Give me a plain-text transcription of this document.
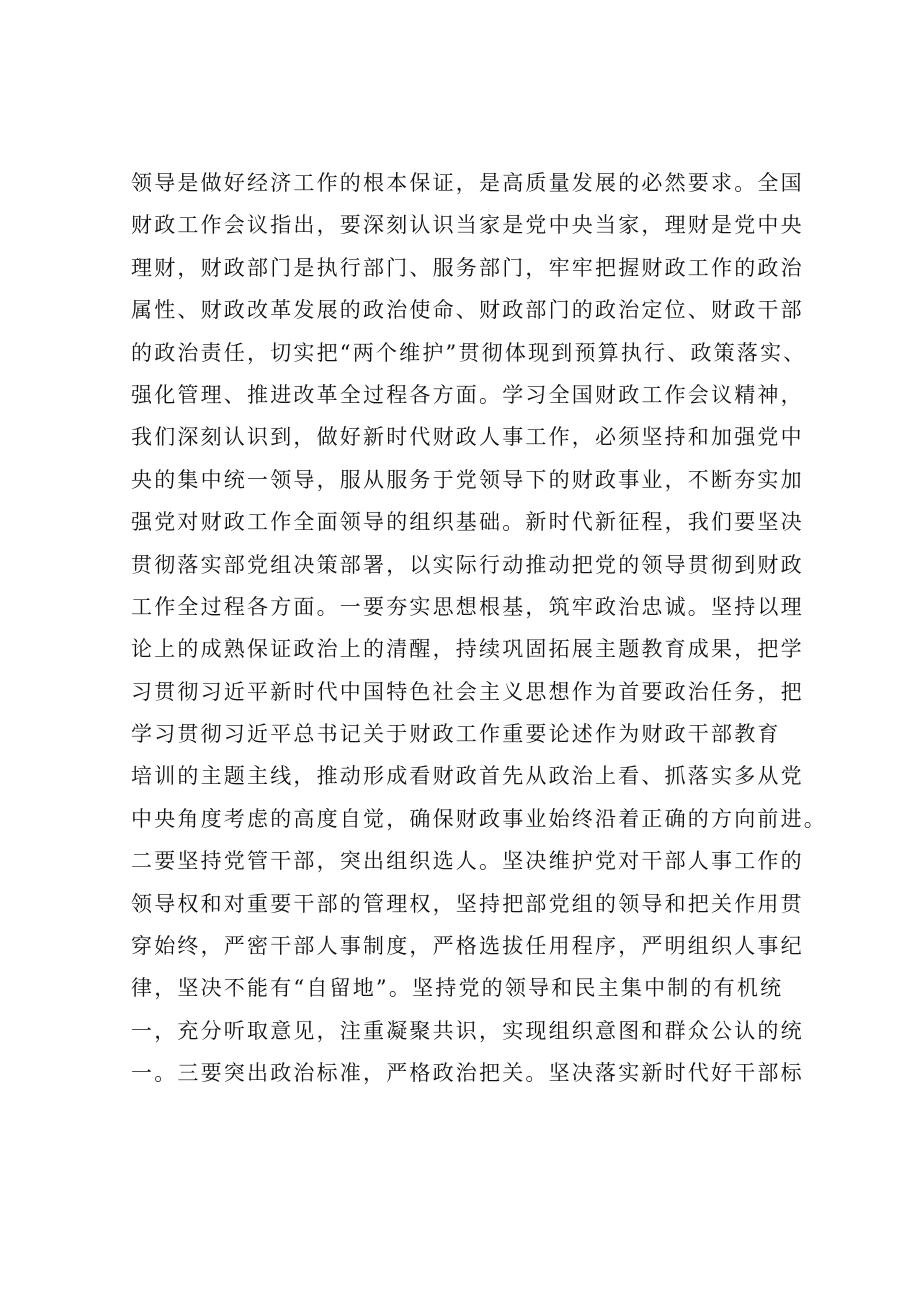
领导是做好经济工作的根本保证，是高质量发展的必然要求。全国
财政工作会议指出，要深刻认识当家是党中央当家，理财是党中央
理财，财政部门是执行部门、服务部门，牢牢把握财政工作的政治
属性、财政改革发展的政治使命、财政部门的政治定位、财政干部
的政治责任，切实把“两个维护”贯彻体现到预算执行、政策落实、
强化管理、推进改革全过程各方面。学习全国财政工作会议精神，
我们深刻认识到，做好新时代财政人事工作，必须坚持和加强党中
央的集中统一领导，服从服务于党领导下的财政事业，不断夯实加
强党对财政工作全面领导的组织基础。新时代新征程，我们要坚决
贯彻落实部党组决策部署，以实际行动推动把党的领导贯彻到财政
工作全过程各方面。一要夯实思想根基，筑牢政治忠诚。坚持以理
论上的成熟保证政治上的清醒，持续巩固拓展主题教育成果，把学
习贯彻习近平新时代中国特色社会主义思想作为首要政治任务，把
学习贯彻习近平总书记关于财政工作重要论述作为财政干部教育
培训的主题主线，推动形成看财政首先从政治上看、抓落实多从党
中央角度考虑的高度自觉，确保财政事业始终沿着正确的方向前进。
二要坚持党管干部，突出组织选人。坚决维护党对干部人事工作的
领导权和对重要干部的管理权，坚持把部党组的领导和把关作用贯
穿始终，严密干部人事制度，严格选拔任用程序，严明组织人事纪
律，坚决不能有“自留地”。坚持党的领导和民主集中制的有机统
一，充分听取意见，注重凝聚共识，实现组织意图和群众公认的统
一。三要突出政治标准，严格政治把关。坚决落实新时代好干部标
